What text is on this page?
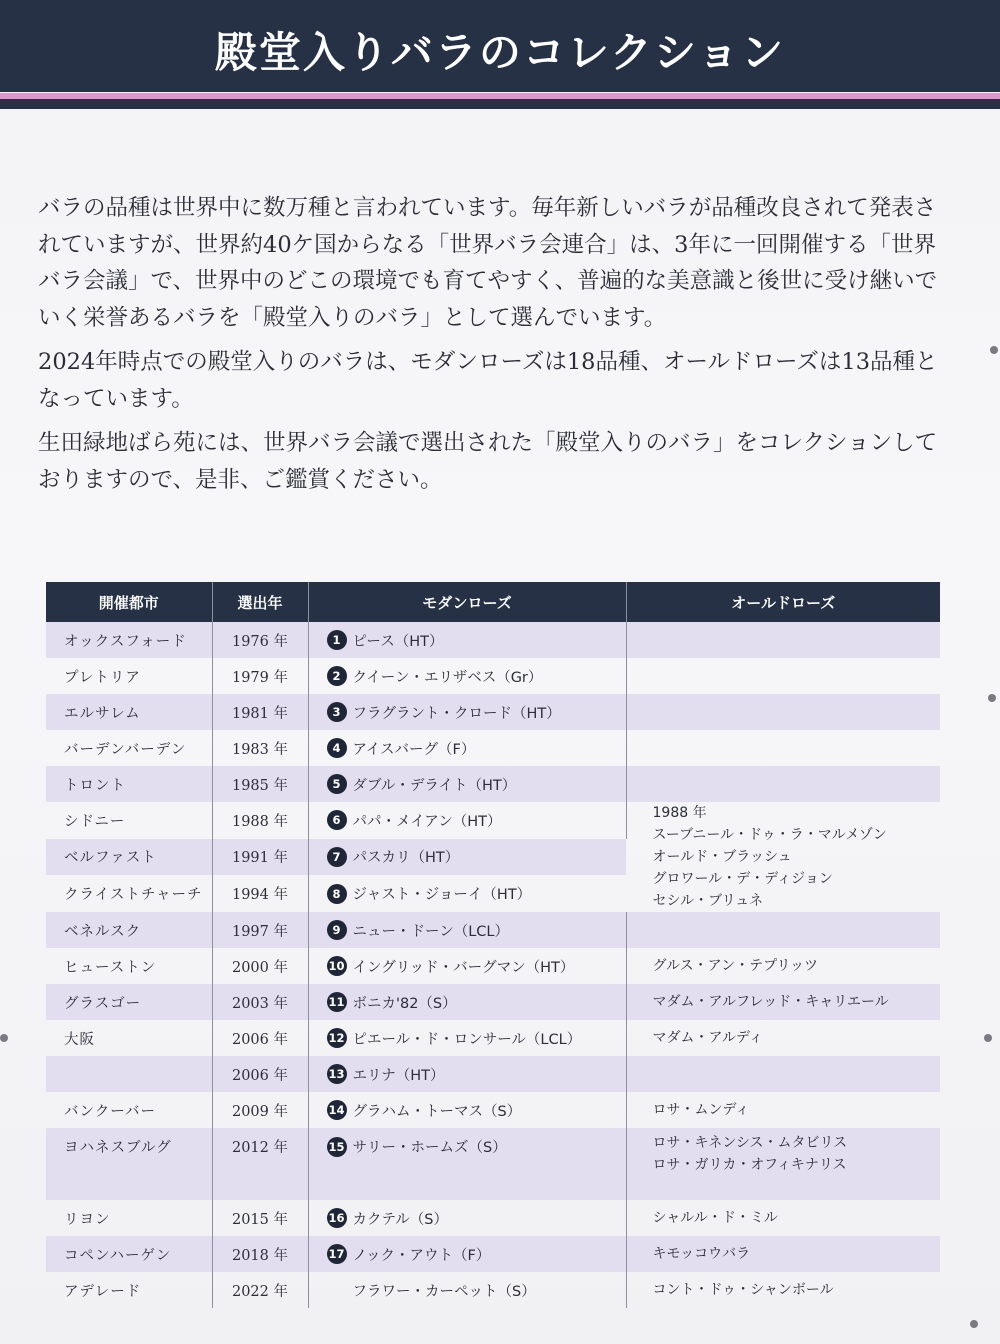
殿堂入りバラのコレクション

バラの品種は世界中に数万種と言われています。毎年新しいバラが品種改良されて発表されていますが、世界約40ケ国からなる「世界バラ会連合」は、3年に一回開催する「世界バラ会議」で、世界中のどこの環境でも育てやすく、普遍的な美意識と後世に受け継いでいく栄誉あるバラを「殿堂入りのバラ」として選んでいます。

2024年時点での殿堂入りのバラは、モダンローズは18品種、オールドローズは13品種となっています。

生田緑地ばら苑には、世界バラ会議で選出された「殿堂入りのバラ」をコレクションしておりますので、是非、ご鑑賞ください。

開催都市	選出年	モダンローズ	オールドローズ
オックスフォード	1976 年	1 ピース（HT）	

プレトリア	1979 年	2 クイーン・エリザベス（Gr）	

エルサレム	1981 年	3 フラグラント・クロード（HT）	

バーデンバーデン	1983 年	4 アイスバーグ（F）	

トロント	1985 年	5 ダブル・デライト（HT）	

シドニー	1988 年	6 パパ・メイアン（HT）	1988 年
スーブニール・ドゥ・ラ・マルメゾン
オールド・ブラッシュ
グロワール・デ・ディジョン
セシル・ブリュネ

ベルファスト	1991 年	7 パスカリ（HT）	
クライストチャーチ	1994 年	8 ジャスト・ジョーイ（HT）	
ベネルスク	1997 年	9 ニュー・ドーン（LCL）	

ヒューストン	2000 年	10 イングリッド・バーグマン（HT）	グルス・アン・テプリッツ

グラスゴー	2003 年	11 ボニカ'82（S）	マダム・アルフレッド・キャリエール

大阪	2006 年	12 ピエール・ド・ロンサール（LCL）	マダム・アルディ

	2006 年	13 エリナ（HT）	

バンクーバー	2009 年	14 グラハム・トーマス（S）	ロサ・ムンディ

ヨハネスブルグ	2012 年	15 サリー・ホームズ（S）	ロサ・キネンシス・ムタビリス
ロサ・ガリカ・オフィキナリス

リヨン	2015 年	16 カクテル（S）	シャルル・ド・ミル

コペンハーゲン	2018 年	17 ノック・アウト（F）	キモッコウバラ

アデレード	2022 年	フラワー・カーペット（S）	コント・ドゥ・シャンボール
